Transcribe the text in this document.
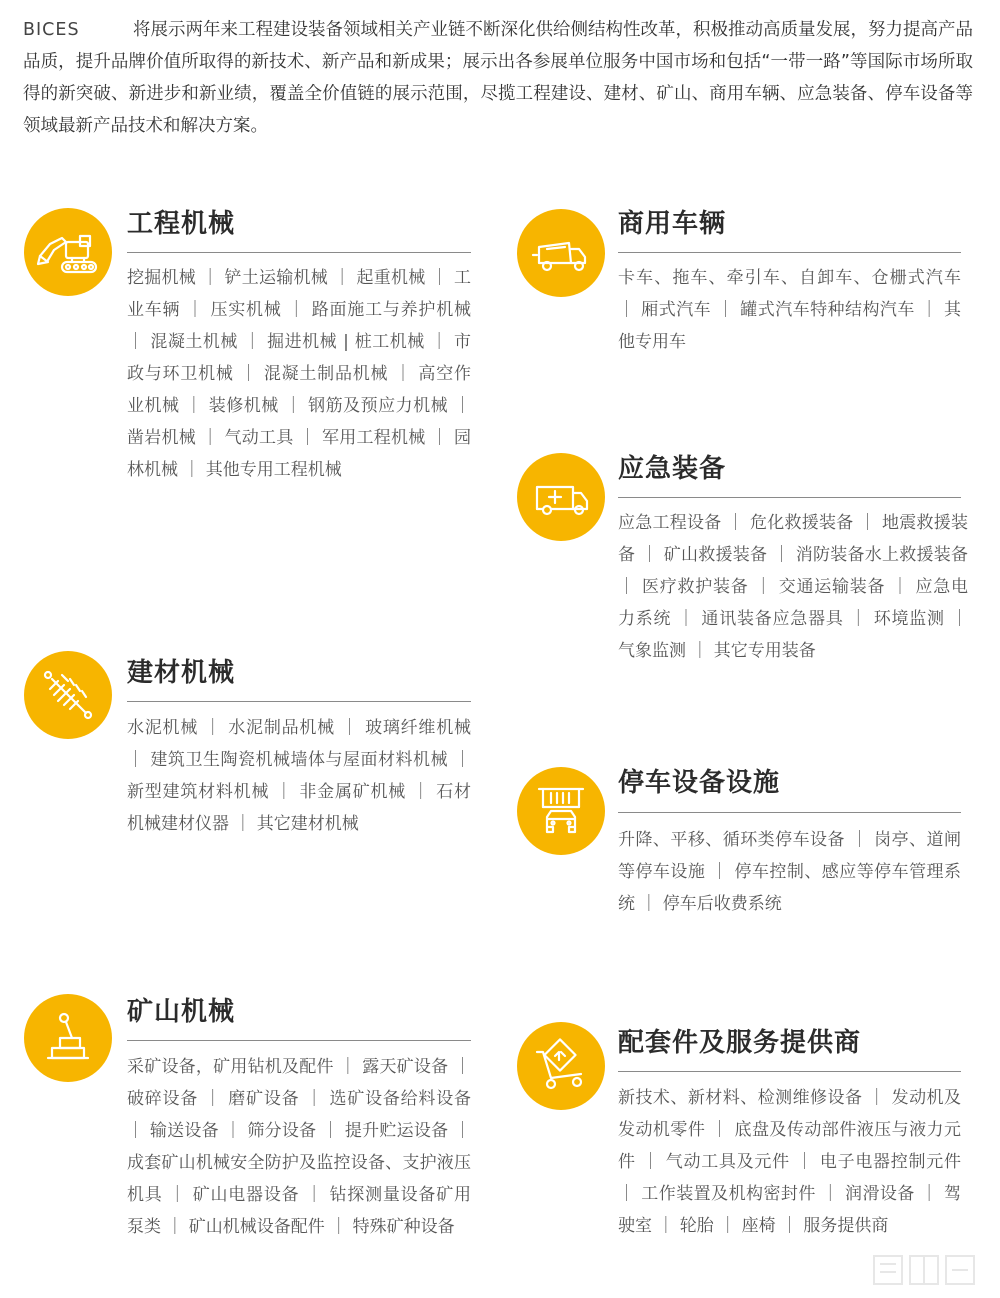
BICES	将展示两年来工程建设装备领域相关产业链不断深化供给侧结构性改革，积极推动高质量发展，努力提高产品品质，提升品牌价值所取得的新技术、新产品和新成果；展示出各参展单位服务中国市场和包括“一带一路”等国际市场所取得的新突破、新进步和新业绩，覆盖全价值链的展示范围，尽揽工程建设、建材、矿山、商用车辆、应急装备、停车设备等领域最新产品技术和解决方案。
工程机械
挖掘机械 ｜ 铲土运输机械 ｜ 起重机械 ｜ 工业车辆 ｜ 压实机械 ｜ 路面施工与养护机械 ｜ 混凝土机械 ｜ 掘进机械 | 桩工机械 ｜ 市政与环卫机械 ｜ 混凝土制品机械 ｜ 高空作业机械 ｜ 装修机械 ｜ 钢筋及预应力机械 ｜ 凿岩机械 ｜ 气动工具 ｜ 军用工程机械 ｜ 园林机械 ｜ 其他专用工程机械
商用车辆
卡车、拖车、牵引车、自卸车、仓栅式汽车 ｜ 厢式汽车 ｜ 罐式汽车特种结构汽车 ｜ 其他专用车
应急装备
应急工程设备 ｜ 危化救援装备 ｜ 地震救援装备 ｜ 矿山救援装备 ｜ 消防装备水上救援装备 ｜ 医疗救护装备 ｜ 交通运输装备 ｜ 应急电力系统 ｜ 通讯装备应急器具 ｜ 环境监测 ｜ 气象监测 ｜ 其它专用装备
建材机械
水泥机械 ｜ 水泥制品机械 ｜ 玻璃纤维机械 ｜ 建筑卫生陶瓷机械墙体与屋面材料机械 ｜ 新型建筑材料机械 ｜ 非金属矿机械 ｜ 石材机械建材仪器 ｜ 其它建材机械
停车设备设施
升降、平移、循环类停车设备 ｜ 岗亭、道闸等停车设施 ｜ 停车控制、感应等停车管理系统 ｜ 停车后收费系统
矿山机械
采矿设备，矿用钻机及配件 ｜ 露天矿设备 ｜ 破碎设备 ｜ 磨矿设备 ｜ 选矿设备给料设备 ｜ 输送设备 ｜ 筛分设备 ｜ 提升贮运设备 ｜ 成套矿山机械安全防护及监控设备、支护液压机具 ｜ 矿山电器设备 ｜ 钻探测量设备矿用泵类 ｜ 矿山机械设备配件 ｜ 特殊矿种设备
配套件及服务提供商
新技术、新材料、检测维修设备 ｜ 发动机及发动机零件 ｜ 底盘及传动部件液压与液力元件 ｜ 气动工具及元件 ｜ 电子电器控制元件 ｜ 工作装置及机构密封件 ｜ 润滑设备 ｜ 驾驶室 ｜ 轮胎 ｜ 座椅 ｜ 服务提供商
